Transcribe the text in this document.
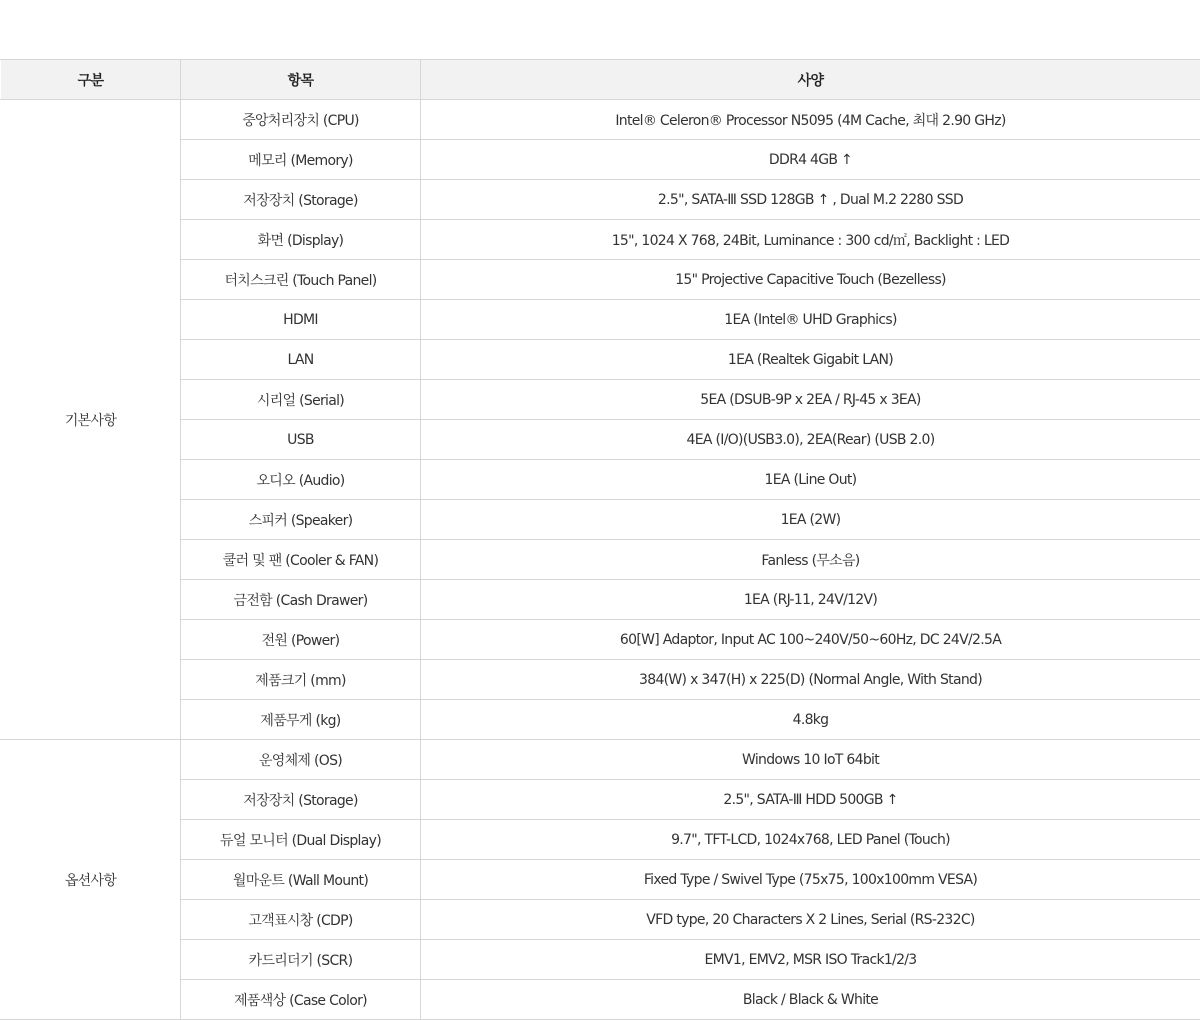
구분	항목	사양
기본사항	중앙처리장치 (CPU)	Intel® Celeron® Processor N5095 (4M Cache, 최대 2.90 GHz)
	메모리 (Memory)	DDR4 4GB ↑
	저장장치 (Storage)	2.5", SATA-Ⅲ SSD 128GB ↑ , Dual M.2 2280 SSD
	화면 (Display)	15", 1024 X 768, 24Bit, Luminance : 300 cd/㎡, Backlight : LED
	터치스크린 (Touch Panel)	15" Projective Capacitive Touch (Bezelless)
	HDMI	1EA (Intel® UHD Graphics)
	LAN	1EA (Realtek Gigabit LAN)
	시리얼 (Serial)	5EA (DSUB-9P x 2EA / RJ-45 x 3EA)
	USB	4EA (I/O)(USB3.0), 2EA(Rear) (USB 2.0)
	오디오 (Audio)	1EA (Line Out)
	스피커 (Speaker)	1EA (2W)
	쿨러 및 팬 (Cooler & FAN)	Fanless (무소음)
	금전함 (Cash Drawer)	1EA (RJ-11, 24V/12V)
	전원 (Power)	60[W] Adaptor, Input AC 100~240V/50~60Hz, DC 24V/2.5A
	제품크기 (mm)	384(W) x 347(H) x 225(D) (Normal Angle, With Stand)
	제품무게 (kg)	4.8kg
옵션사항	운영체제 (OS)	Windows 10 IoT 64bit
	저장장치 (Storage)	2.5", SATA-Ⅲ HDD 500GB ↑
	듀얼 모니터 (Dual Display)	9.7", TFT-LCD, 1024x768, LED Panel (Touch)
	월마운트 (Wall Mount)	Fixed Type / Swivel Type (75x75, 100x100mm VESA)
	고객표시창 (CDP)	VFD type, 20 Characters X 2 Lines, Serial (RS-232C)
	카드리더기 (SCR)	EMV1, EMV2, MSR ISO Track1/2/3
	제품색상 (Case Color)	Black / Black & White
